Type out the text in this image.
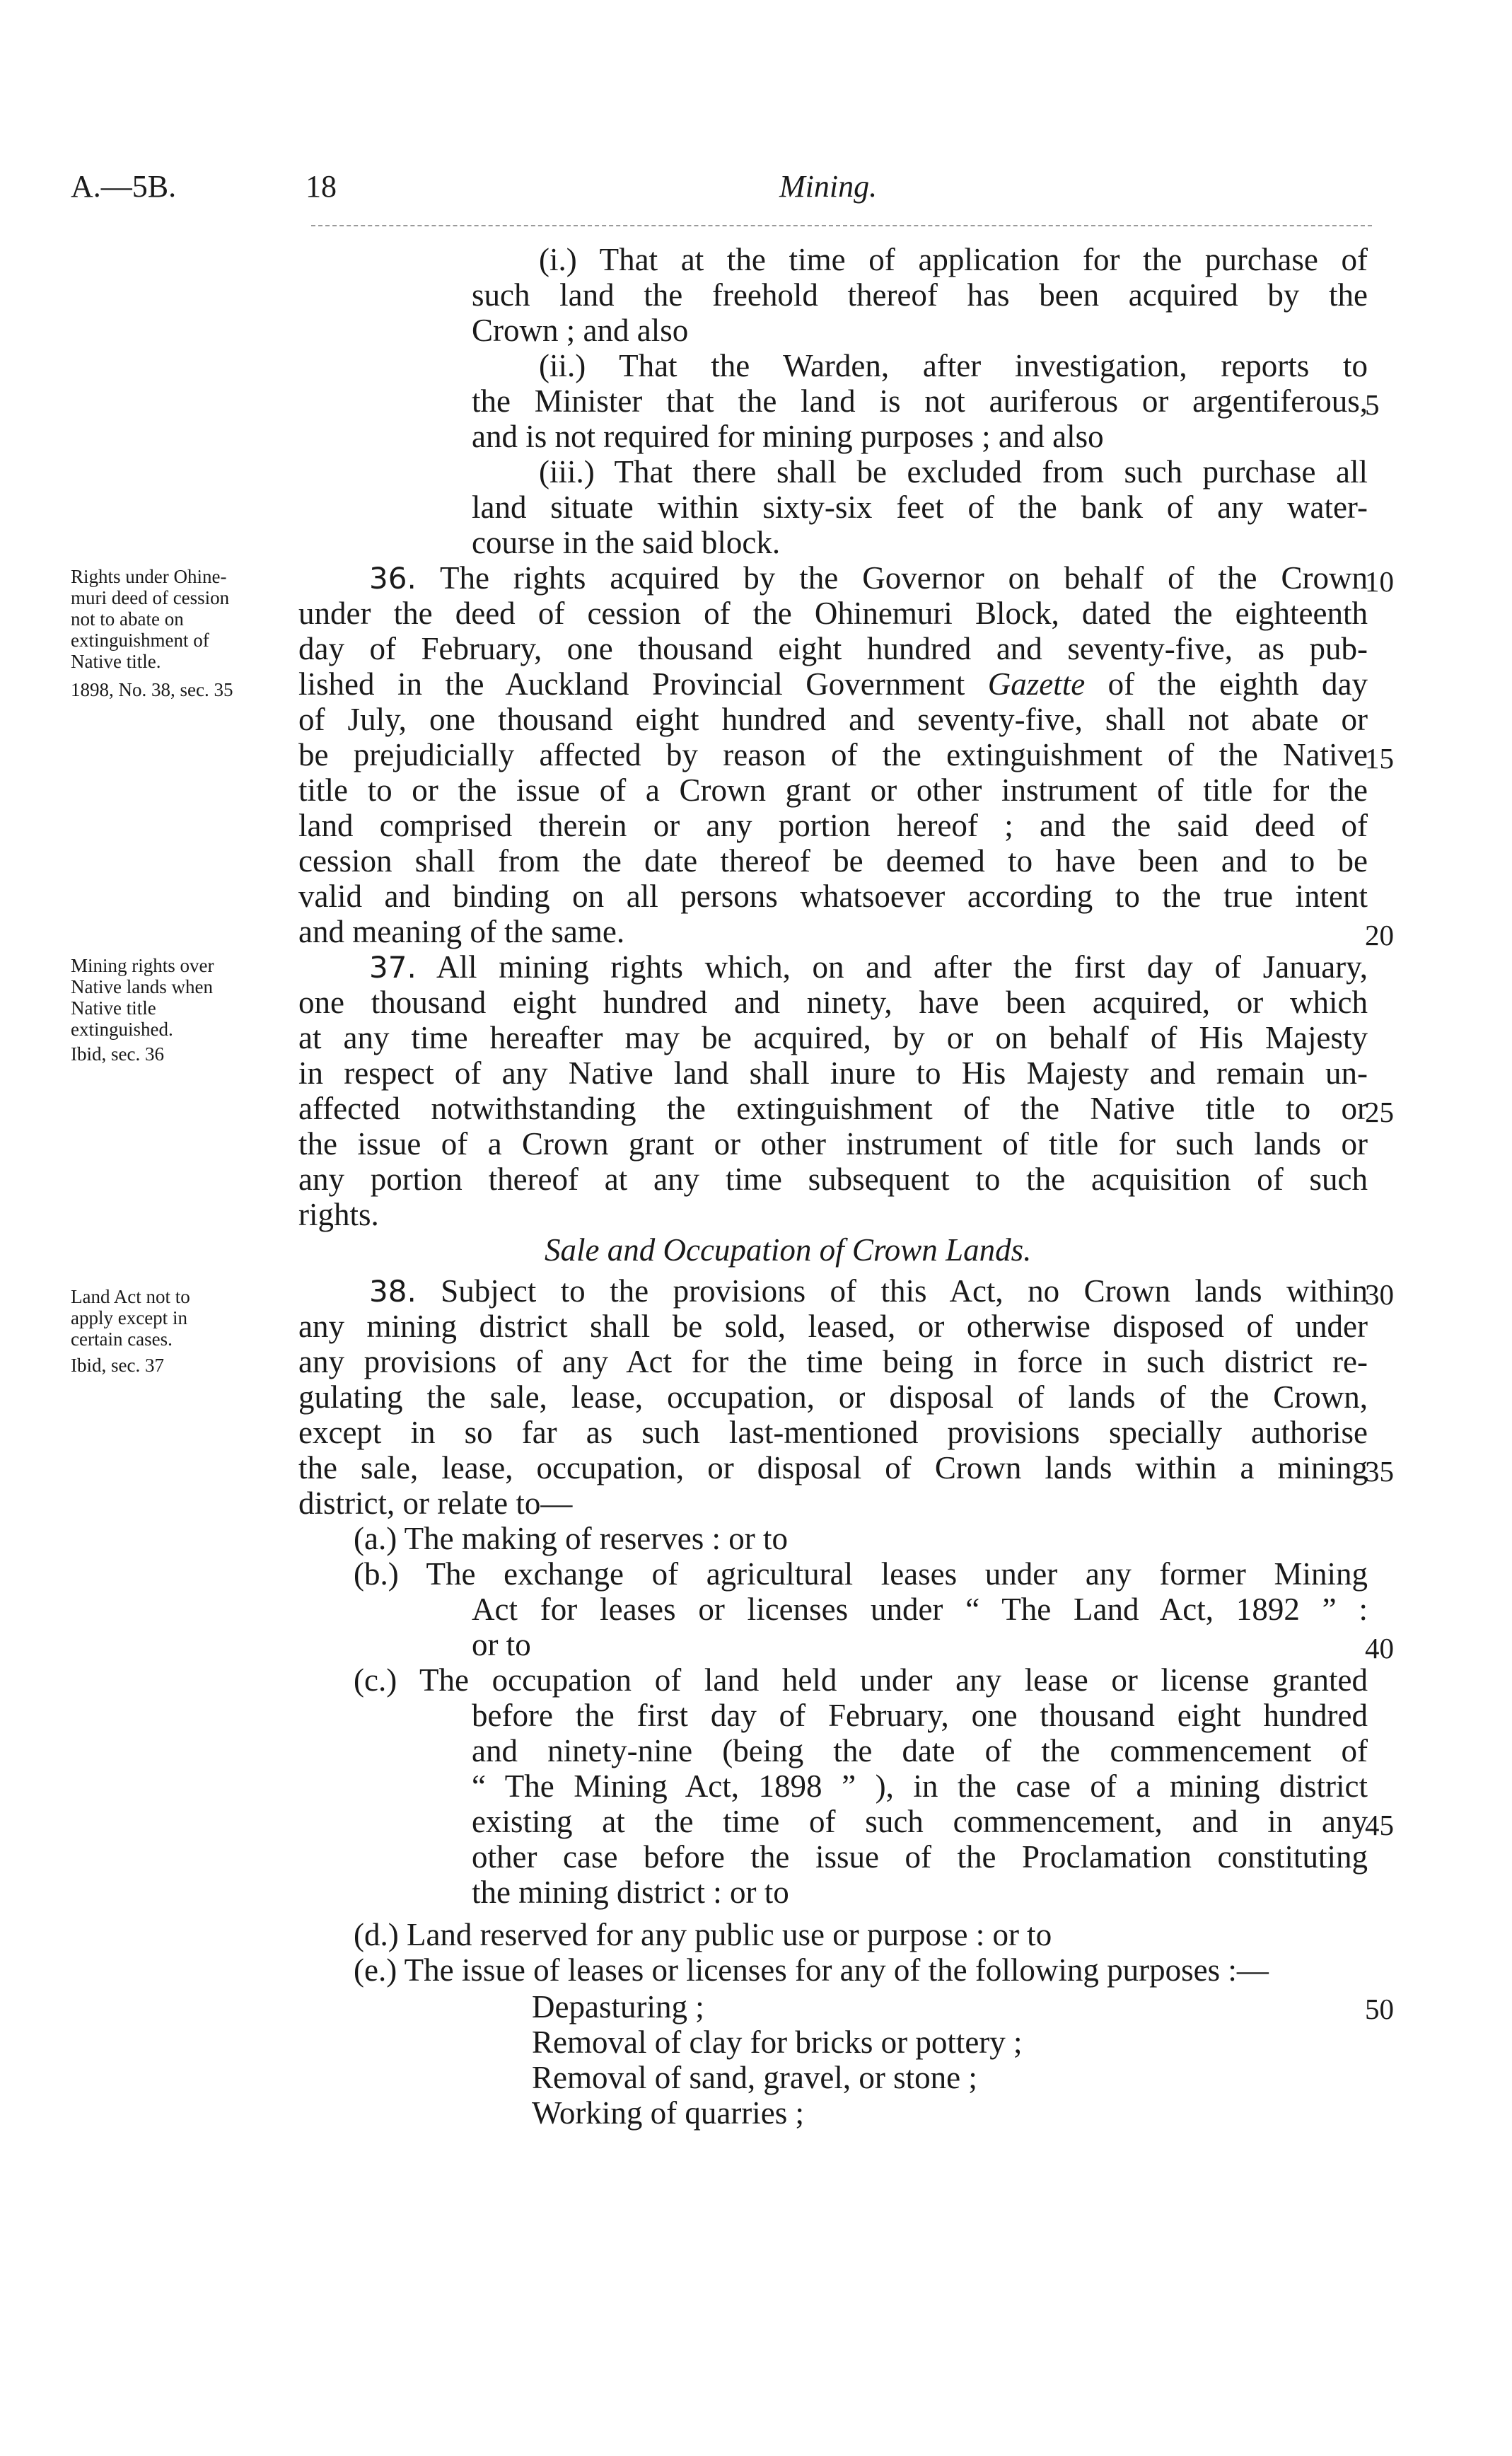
A.—5B.	18	Mining.
(i.) That at the time of application for the purchase of
such land the freehold thereof has been acquired by the
Crown ; and also
(ii.) That the Warden, after investigation, reports to
the Minister that the land is not auriferous or argentiferous,
and is not required for mining purposes ; and also
(iii.) That there shall be excluded from such purchase all
land situate within sixty-six feet of the bank of any water-
course in the said block.
36. The rights acquired by the Governor on behalf of the Crown
under the deed of cession of the Ohinemuri Block, dated the eighteenth
day of February, one thousand eight hundred and seventy-five, as pub-
lished in the Auckland Provincial Government Gazette of the eighth day
of July, one thousand eight hundred and seventy-five, shall not abate or
be prejudicially affected by reason of the extinguishment of the Native
title to or the issue of a Crown grant or other instrument of title for the
land comprised therein or any portion hereof ; and the said deed of
cession shall from the date thereof be deemed to have been and to be
valid and binding on all persons whatsoever according to the true intent
and meaning of the same.
37. All mining rights which, on and after the first day of January,
one thousand eight hundred and ninety, have been acquired, or which
at any time hereafter may be acquired, by or on behalf of His Majesty
in respect of any Native land shall inure to His Majesty and remain un-
affected notwithstanding the extinguishment of the Native title to or
the issue of a Crown grant or other instrument of title for such lands or
any portion thereof at any time subsequent to the acquisition of such
rights.
Sale and Occupation of Crown Lands.
38. Subject to the provisions of this Act, no Crown lands within
any mining district shall be sold, leased, or otherwise disposed of under
any provisions of any Act for the time being in force in such district re-
gulating the sale, lease, occupation, or disposal of lands of the Crown,
except in so far as such last-mentioned provisions specially authorise
the sale, lease, occupation, or disposal of Crown lands within a mining
district, or relate to—
(a.) The making of reserves : or to
(b.) The exchange of agricultural leases under any former Mining
Act for leases or licenses under “ The Land Act, 1892 ” :
or to
(c.) The occupation of land held under any lease or license granted
before the first day of February, one thousand eight hundred
and ninety-nine (being the date of the commencement of
“ The Mining Act, 1898 ” ), in the case of a mining district
existing at the time of such commencement, and in any
other case before the issue of the Proclamation constituting
the mining district : or to
(d.) Land reserved for any public use or purpose : or to
(e.) The issue of leases or licenses for any of the following purposes :—
Depasturing ;
Removal of clay for bricks or pottery ;
Removal of sand, gravel, or stone ;
Working of quarries ;
5
10
15
20
25
30
35
40
45
50
Rights under Ohine-
muri deed of cession
not to abate on
extinguishment of
Native title.
1898, No. 38, sec. 35
Mining rights over
Native lands when
Native title
extinguished.
Ibid, sec. 36
Land Act not to
apply except in
certain cases.
Ibid, sec. 37
